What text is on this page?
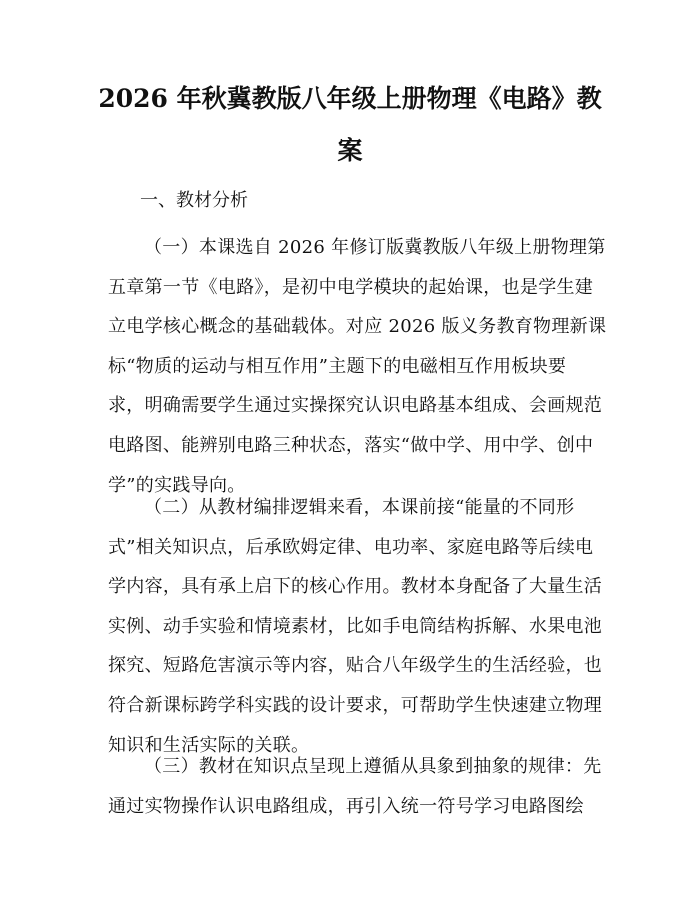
2026 年秋冀教版八年级上册物理《电路》教
案

一、教材分析

（一）本课选自 2026 年修订版冀教版八年级上册物理第
五章第一节《电路》，是初中电学模块的起始课，也是学生建
立电学核心概念的基础载体。对应 2026 版义务教育物理新课
标“物质的运动与相互作用”主题下的电磁相互作用板块要
求，明确需要学生通过实操探究认识电路基本组成、会画规范
电路图、能辨别电路三种状态，落实“做中学、用中学、创中
学”的实践导向。
（二）从教材编排逻辑来看，本课前接“能量的不同形
式”相关知识点，后承欧姆定律、电功率、家庭电路等后续电
学内容，具有承上启下的核心作用。教材本身配备了大量生活
实例、动手实验和情境素材，比如手电筒结构拆解、水果电池
探究、短路危害演示等内容，贴合八年级学生的生活经验，也
符合新课标跨学科实践的设计要求，可帮助学生快速建立物理
知识和生活实际的关联。
（三）教材在知识点呈现上遵循从具象到抽象的规律：先
通过实物操作认识电路组成，再引入统一符号学习电路图绘
